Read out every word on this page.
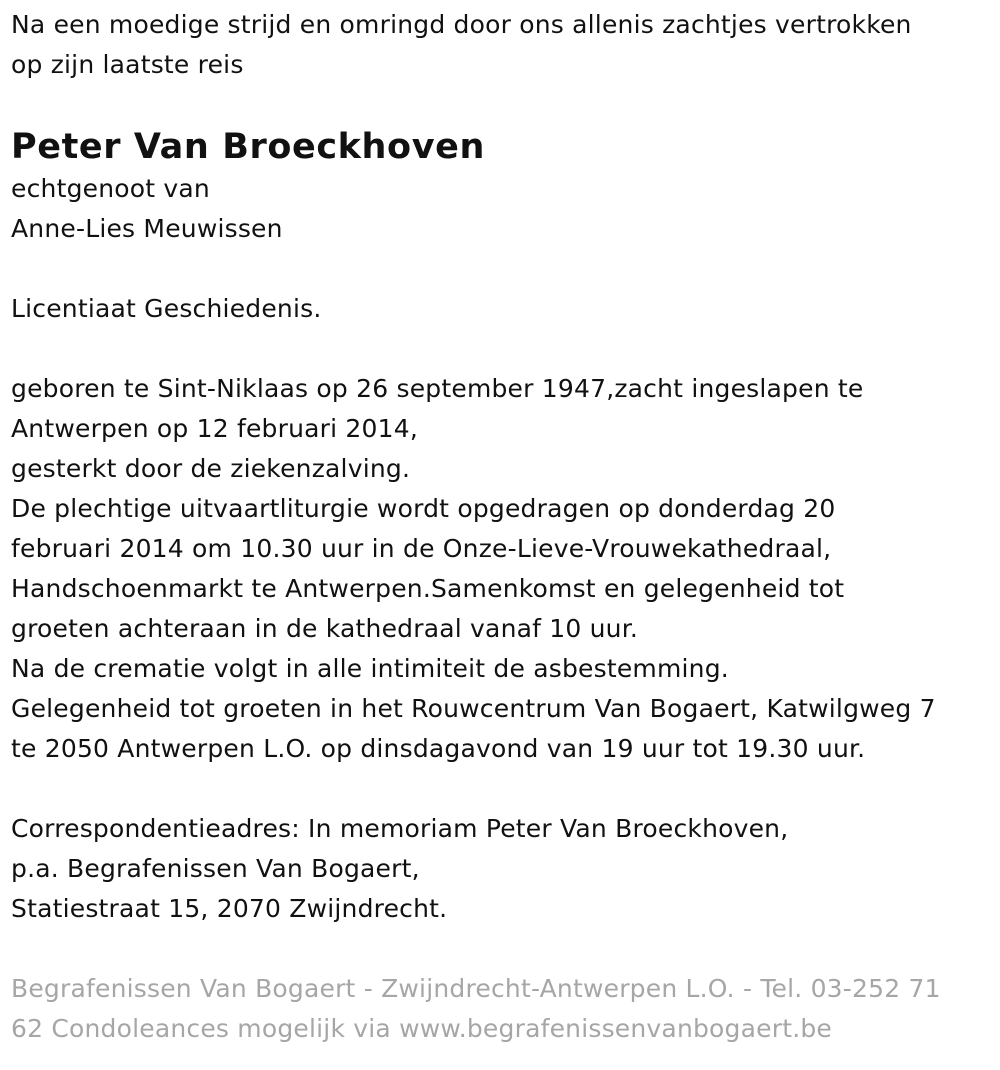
Na een moedige strijd en omringd door ons allenis zachtjes vertrokken
op zijn laatste reis
Peter Van Broeckhoven
echtgenoot van
Anne-Lies Meuwissen
Licentiaat Geschiedenis.
geboren te Sint-Niklaas op 26 september 1947,zacht ingeslapen te
Antwerpen op 12 februari 2014,
gesterkt door de ziekenzalving.
De plechtige uitvaartliturgie wordt opgedragen op donderdag 20
februari 2014 om 10.30 uur in de Onze-Lieve-Vrouwekathedraal,
Handschoenmarkt te Antwerpen.Samenkomst en gelegenheid tot
groeten achteraan in de kathedraal vanaf 10 uur.
Na de crematie volgt in alle intimiteit de asbestemming.
Gelegenheid tot groeten in het Rouwcentrum Van Bogaert, Katwilgweg 7
te 2050 Antwerpen L.O. op dinsdagavond van 19 uur tot 19.30 uur.
Correspondentieadres: In memoriam Peter Van Broeckhoven,
p.a. Begrafenissen Van Bogaert,
Statiestraat 15, 2070 Zwijndrecht.
Begrafenissen Van Bogaert - Zwijndrecht-Antwerpen L.O. - Tel. 03-252 71
62 Condoleances mogelijk via www.begrafenissenvanbogaert.be
